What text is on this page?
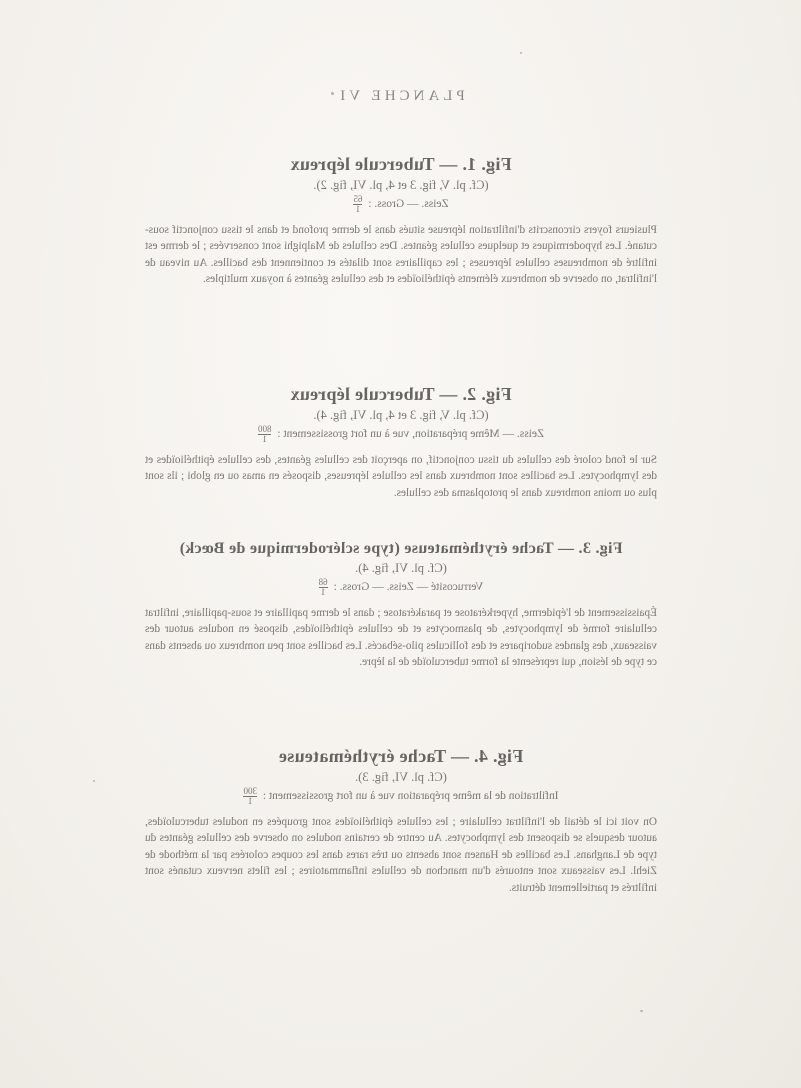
PLANCHE VI
Fig. 1. — Tubercule lépreux
(Cf. pl. V, fig. 3 et 4, pl. VI, fig. 2).
Zeiss. — Gross. :
$\frac{65}{1}$

Plusieurs foyers circonscrits d'infiltration lépreuse situés dans le derme profond et dans le tissu conjonctif sous-cutané. Les hypodermiques et quelques cellules géantes. Des cellules de Malpighi sont conservées ; le derme est infiltré de nombreuses cellules lépreuses ; les capillaires sont dilatés et contiennent des bacilles. Au niveau de l'infiltrat, on observe de nombreux éléments épithélioïdes et des cellules géantes à noyaux multiples.

Fig. 2. — Tubercule lépreux
(Cf. pl. V, fig. 3 et 4, pl. VI, fig. 4).
Zeiss. — Même préparation, vue à un fort grossissement :
$\frac{800}{1}$

Sur le fond coloré des cellules du tissu conjonctif, on aperçoit des cellules géantes, des cellules épithélioïdes et des lymphocytes. Les bacilles sont nombreux dans les cellules lépreuses, disposés en amas ou en globi ; ils sont plus ou moins nombreux dans le protoplasma des cellules.

Fig. 3. — Tache érythémateuse (type sclérodermique de Bœck)
(Cf. pl. VI, fig. 4).
Verrucosité — Zeiss. — Gross. :
$\frac{68}{1}$

Épaississement de l'épiderme, hyperkératose et parakératose ; dans le derme papillaire et sous-papillaire, infiltrat cellulaire formé de lymphocytes, de plasmocytes et de cellules épithélioïdes, disposé en nodules autour des vaisseaux, des glandes sudoripares et des follicules pilo-sébacés. Les bacilles sont peu nombreux ou absents dans ce type de lésion, qui représente la forme tuberculoïde de la lèpre.

Fig. 4. — Tache érythémateuse
(Cf. pl. VI, fig. 3).
Infiltration de la même préparation vue à un fort grossissement :
$\frac{300}{1}$

On voit ici le détail de l'infiltrat cellulaire ; les cellules épithélioïdes sont groupées en nodules tuberculoïdes, autour desquels se disposent des lymphocytes. Au centre de certains nodules on observe des cellules géantes du type de Langhans. Les bacilles de Hansen sont absents ou très rares dans les coupes colorées par la méthode de Ziehl. Les vaisseaux sont entourés d'un manchon de cellules inflammatoires ; les filets nerveux cutanés sont infiltrés et partiellement détruits.
